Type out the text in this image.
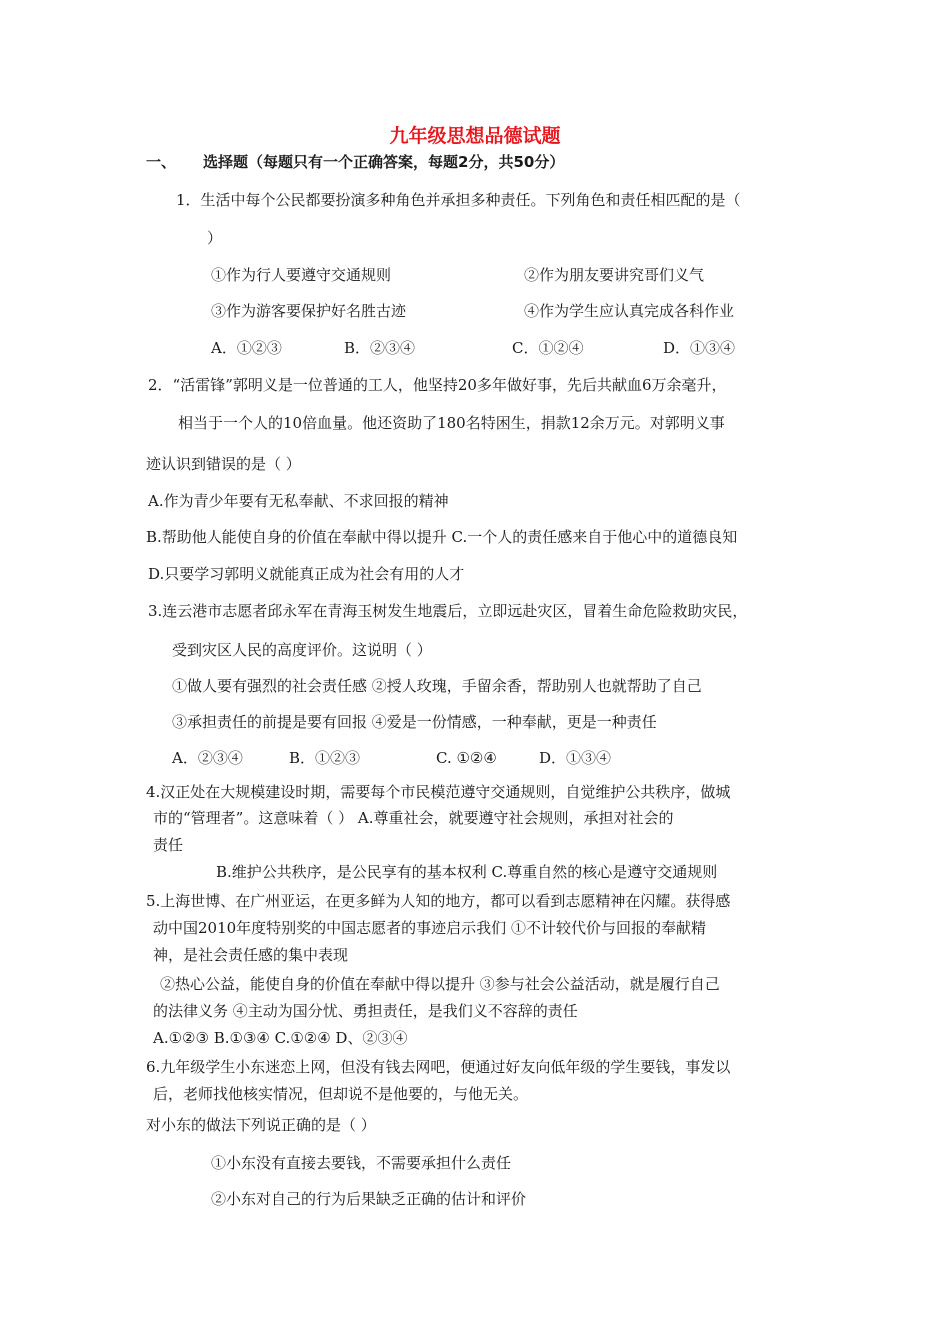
九年级思想品德试题
一、 选择题（每题只有一个正确答案，每题2分，共50分）
1．生活中每个公民都要扮演多种角色并承担多种责任。下列角色和责任相匹配的是（
）
①作为行人要遵守交通规则	②作为朋友要讲究哥们义气
③作为游客要保护好名胜古迹	④作为学生应认真完成各科作业
A．①②③	B．②③④	C．①②④	D．①③④
2．“活雷锋”郭明义是一位普通的工人，他坚持20多年做好事，先后共献血6万余毫升，
相当于一个人的10倍血量。他还资助了180名特困生，捐款12余万元。对郭明义事
迹认识到错误的是（ ）
A.作为青少年要有无私奉献、不求回报的精神
B.帮助他人能使自身的价值在奉献中得以提升 C.一个人的责任感来自于他心中的道德良知
D.只要学习郭明义就能真正成为社会有用的人才
3.连云港市志愿者邱永军在青海玉树发生地震后，立即远赴灾区，冒着生命危险救助灾民，
受到灾区人民的高度评价。这说明（ ）
①做人要有强烈的社会责任感 ②授人玫瑰，手留余香，帮助别人也就帮助了自己
③承担责任的前提是要有回报 ④爱是一份情感，一种奉献，更是一种责任
A．②③④	B．①②③	C. ①②④	D．①③④
4.汉正处在大规模建设时期，需要每个市民模范遵守交通规则，自觉维护公共秩序，做城
市的“管理者”。这意味着（ ） A.尊重社会，就要遵守社会规则，承担对社会的
责任
B.维护公共秩序，是公民享有的基本权利 C.尊重自然的核心是遵守交通规则
5.上海世博、在广州亚运，在更多鲜为人知的地方，都可以看到志愿精神在闪耀。获得感
动中国2010年度特别奖的中国志愿者的事迹启示我们 ①不计较代价与回报的奉献精
神，是社会责任感的集中表现
②热心公益，能使自身的价值在奉献中得以提升 ③参与社会公益活动，就是履行自己
的法律义务 ④主动为国分忧、勇担责任，是我们义不容辞的责任
A.①②③ B.①③④ C.①②④ D、②③④
6.九年级学生小东迷恋上网，但没有钱去网吧，便通过好友向低年级的学生要钱，事发以
后，老师找他核实情况，但却说不是他要的，与他无关。
对小东的做法下列说正确的是（ ）
①小东没有直接去要钱，不需要承担什么责任
②小东对自己的行为后果缺乏正确的估计和评价
